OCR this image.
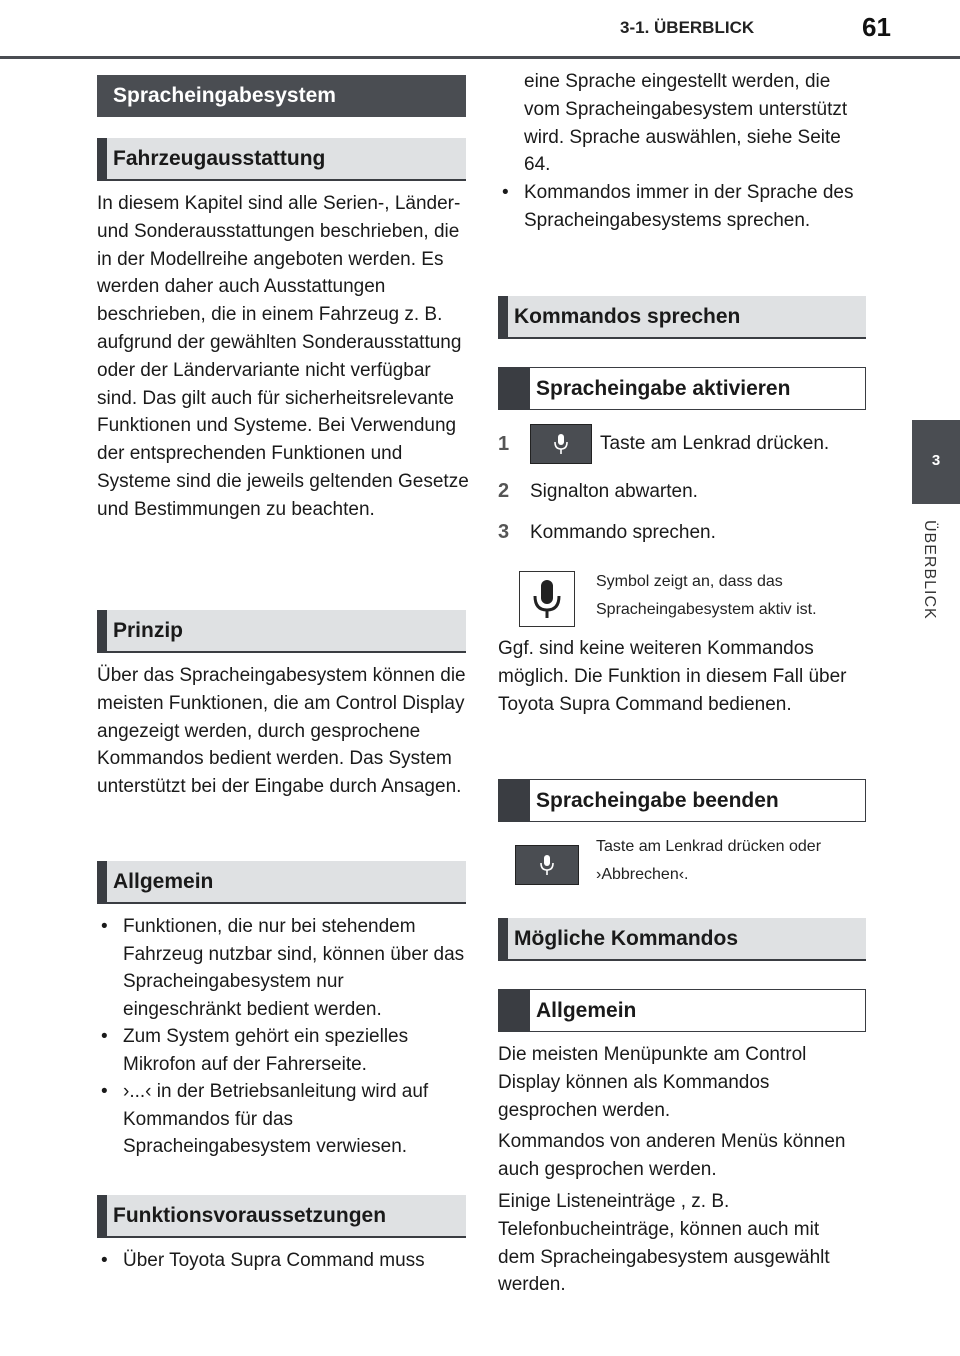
3-1. ÜBERBLICK	61
3
ÜBERBLICK
Spracheingabesystem
Fahrzeugausstattung
In diesem Kapitel sind alle Serien-, Länder- und Sonderausstattungen beschrieben, die in der Modellreihe angeboten werden. Es werden daher auch Ausstattungen beschrieben, die in einem Fahrzeug z. B. aufgrund der gewählten Sonderausstattung oder der Ländervariante nicht verfügbar sind. Das gilt auch für sicherheitsrelevante Funktionen und Systeme. Bei Verwendung der entsprechenden Funktionen und Systeme sind die jeweils geltenden Gesetze und Bestimmungen zu beachten.
Prinzip
Über das Spracheingabesystem können die meisten Funktionen, die am Control Display angezeigt werden, durch gesprochene Kommandos bedient werden. Das System unterstützt bei der Eingabe durch Ansagen.
Allgemein
• Funktionen, die nur bei stehendem Fahrzeug nutzbar sind, können über das Spracheingabesystem nur eingeschränkt bedient werden.
• Zum System gehört ein spezielles Mikrofon auf der Fahrerseite.
• ›...‹ in der Betriebsanleitung wird auf Kommandos für das Spracheingabesystem verwiesen.
Funktionsvoraussetzungen
• Über Toyota Supra Command muss
eine Sprache eingestellt werden, die vom Spracheingabesystem unterstützt wird. Sprache auswählen, siehe Seite 64.
• Kommandos immer in der Sprache des Spracheingabesystems sprechen.
Kommandos sprechen
Spracheingabe aktivieren
1	Taste am Lenkrad drücken.
2	Signalton abwarten.
3	Kommando sprechen.
Symbol zeigt an, dass das Spracheingabesystem aktiv ist.
Ggf. sind keine weiteren Kommandos möglich. Die Funktion in diesem Fall über Toyota Supra Command bedienen.
Spracheingabe beenden
Taste am Lenkrad drücken oder
›Abbrechen‹.
Mögliche Kommandos
Allgemein

Die meisten Menüpunkte am Control Display können als Kommandos gesprochen werden.

Kommandos von anderen Menüs können auch gesprochen werden.

Einige Listeneinträge , z. B. Telefonbucheinträge, können auch mit dem Spracheingabesystem ausgewählt werden.
